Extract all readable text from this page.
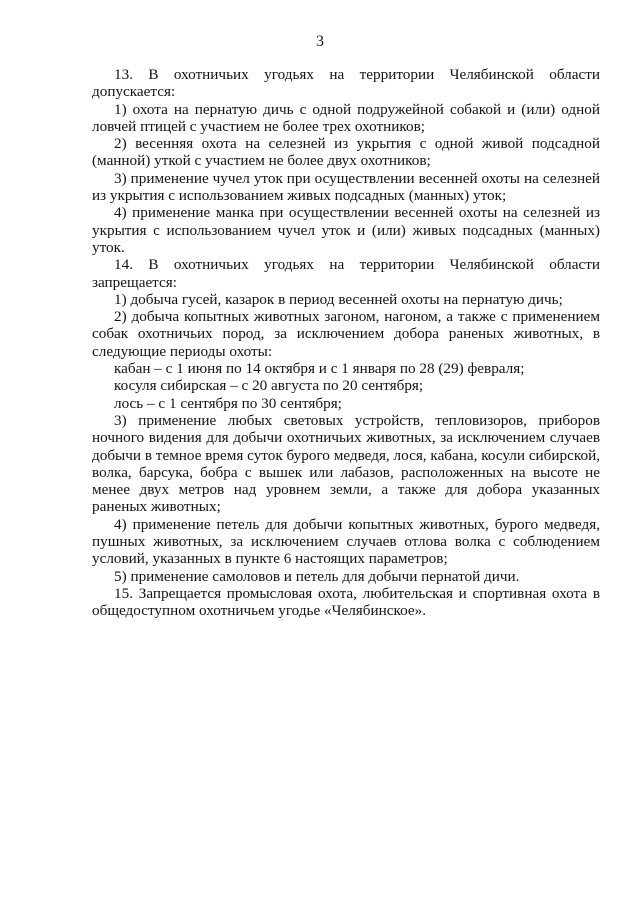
3

13. В охотничьих угодьях на территории Челябинской области допускается:

1) охота на пернатую дичь с одной подружейной собакой и (или) одной ловчей птицей с участием не более трех охотников;

2) весенняя охота на селезней из укрытия с одной живой подсадной (манной) уткой с участием не более двух охотников;

3) применение чучел уток при осуществлении весенней охоты на селезней из укрытия с использованием живых подсадных (манных) уток;

4) применение манка при осуществлении весенней охоты на селезней из укрытия с использованием чучел уток и (или) живых подсадных (манных) уток.

14. В охотничьих угодьях на территории Челябинской области запрещается:

1) добыча гусей, казарок в период весенней охоты на пернатую дичь;

2) добыча копытных животных загоном, нагоном, а также с применением собак охотничьих пород, за исключением добора раненых животных, в следующие периоды охоты:

кабан – с 1 июня по 14 октября и с 1 января по 28 (29) февраля;

косуля сибирская – с 20 августа по 20 сентября;

лось – с 1 сентября по 30 сентября;

3) применение любых световых устройств, тепловизоров, приборов ночного видения для добычи охотничьих животных, за исключением случаев добычи в темное время суток бурого медведя, лося, кабана, косули сибирской, волка, барсука, бобра с вышек или лабазов, расположенных на высоте не менее двух метров над уровнем земли, а также для добора указанных раненых животных;

4) применение петель для добычи копытных животных, бурого медведя, пушных животных, за исключением случаев отлова волка с соблюдением условий, указанных в пункте 6 настоящих параметров;

5) применение самоловов и петель для добычи пернатой дичи.

15. Запрещается промысловая охота, любительская и спортивная охота в общедоступном охотничьем угодье «Челябинское».
